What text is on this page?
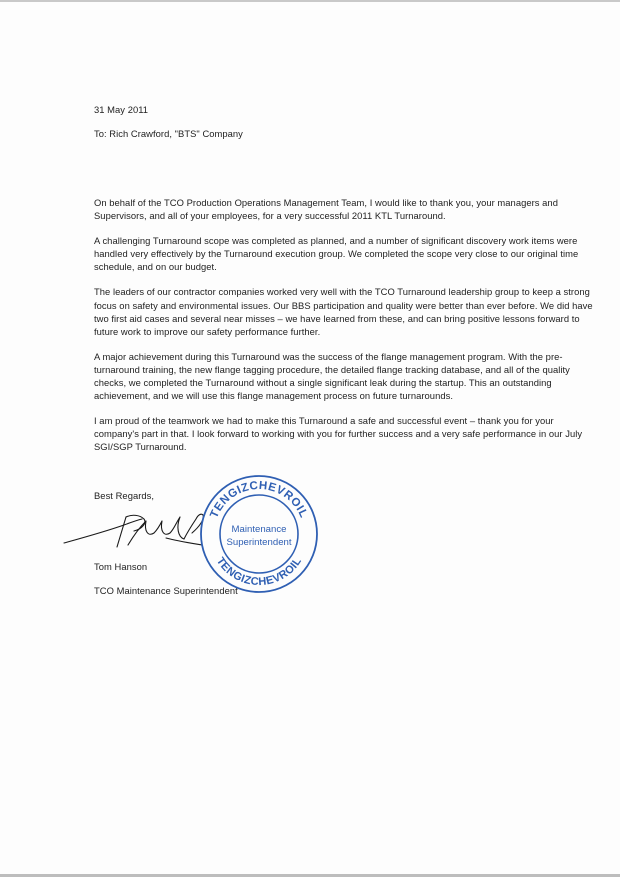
31 May 2011
To: Rich Crawford, "BTS" Company

On behalf of the TCO Production Operations Management Team, I would like to thank you, your managers and Supervisors, and all of your employees, for a very successful 2011 KTL Turnaround.

A challenging Turnaround scope was completed as planned, and a number of significant discovery work items were handled very effectively by the Turnaround execution group. We completed the scope very close to our original time schedule, and on our budget.

The leaders of our contractor companies worked very well with the TCO Turnaround leadership group to keep a strong focus on safety and environmental issues. Our BBS participation and quality were better than ever before. We did have two first aid cases and several near misses – we have learned from these, and can bring positive lessons forward to future work to improve our safety performance further.

A major achievement during this Turnaround was the success of the flange management program. With the pre-turnaround training, the new flange tagging procedure, the detailed flange tracking database, and all of the quality checks, we completed the Turnaround without a single significant leak during the startup. This an outstanding achievement, and we will use this flange management process on future turnarounds.

I am proud of the teamwork we had to make this Turnaround a safe and successful event – thank you for your company's part in that. I look forward to working with you for further success and a very safe performance in our July SGI/SGP Turnaround.

Best Regards,
TENGIZCHEVROIL
TENGIZCHEVROIL
Maintenance
Superintendent
Tom Hanson
TCO Maintenance Superintendent
